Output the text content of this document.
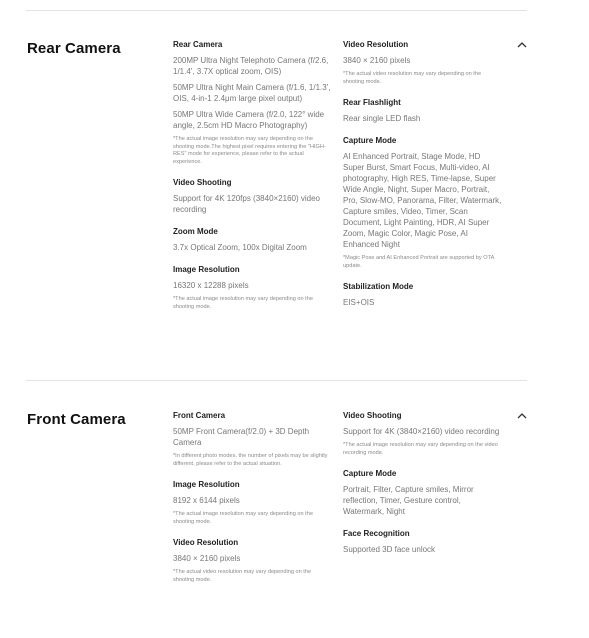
Rear Camera	Rear Camera
200MP Ultra Night Telephoto Camera (f/2.6, 1/1.4', 3.7X optical zoom, OIS)
50MP Ultra Night Main Camera (f/1.6, 1/1.3', OIS, 4-in-1 2.4μm large pixel output)
50MP Ultra Wide Camera (f/2.0, 122° wide angle, 2.5cm HD Macro Photography)
*The actual image resolution may vary depending on the shooting mode.The highest pixel requires entering the "HIGH-RES" mode for experience, please refer to the actual experience.
Video Shooting
Support for 4K 120fps (3840×2160) video recording
Zoom Mode
3.7x Optical Zoom, 100x Digital Zoom
Image Resolution
16320 x 12288 pixels
*The actual image resolution may vary depending on the shooting mode.
Video Resolution
3840 × 2160 pixels
*The actual video resolution may vary depending on the shooting mode.
Rear Flashlight
Rear single LED flash
Capture Mode
AI Enhanced Portrait, Stage Mode, HD Super Burst, Smart Focus, Multi-video, AI photography, High RES, Time-lapse, Super Wide Angle, Night, Super Macro, Portrait, Pro, Slow-MO, Panorama, Filter, Watermark, Capture smiles, Video, Timer, Scan Document, Light Painting, HDR, AI Super Zoom, Magic Color, Magic Pose, AI Enhanced Night
*Magic Pose and AI Enhanced Portrait are supported by OTA update.
Stabilization Mode
EIS+OIS
Front Camera	Front Camera
50MP Front Camera(f/2.0) + 3D Depth Camera
*In different photo modes, the number of pixels may be slightly different, please refer to the actual situation.
Image Resolution
8192 x 6144 pixels
*The actual image resolution may vary depending on the shooting mode.
Video Resolution
3840 × 2160 pixels
*The actual video resolution may vary depending on the shooting mode.
Video Shooting
Support for 4K (3840×2160) video recording
*The actual image resolution may vary depending on the video recording mode.
Capture Mode
Portrait, Filter, Capture smiles, Mirror reflection, Timer, Gesture control, Watermark, Night
Face Recognition
Supported 3D face unlock
